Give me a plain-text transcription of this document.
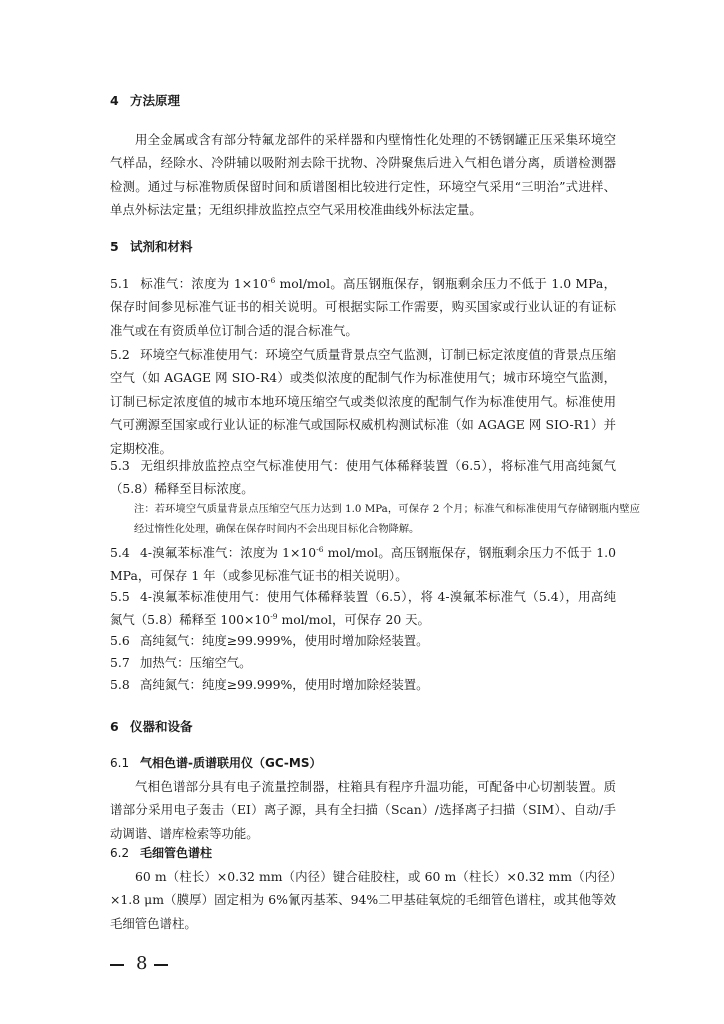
4 方法原理
用全金属或含有部分特氟龙部件的采样器和内壁惰性化处理的不锈钢罐正压采集环境空气样品，经除水、冷阱辅以吸附剂去除干扰物、冷阱聚焦后进入气相色谱分离，质谱检测器检测。通过与标准物质保留时间和质谱图相比较进行定性，环境空气采用“三明治”式进样、单点外标法定量；无组织排放监控点空气采用校准曲线外标法定量。
5 试剂和材料
5.1 标准气：浓度为 $1\times 10^{-6}$ mol/mol。高压钢瓶保存，钢瓶剩余压力不低于 1.0 MPa，保存时间参见标准气证书的相关说明。可根据实际工作需要，购买国家或行业认证的有证标准气或在有资质单位订制合适的混合标准气。
5.2 环境空气标准使用气：环境空气质量背景点空气监测，订制已标定浓度值的背景点压缩空气（如 AGAGE 网 SIO-R4）或类似浓度的配制气作为标准使用气；城市环境空气监测，订制已标定浓度值的城市本地环境压缩空气或类似浓度的配制气作为标准使用气。标准使用气可溯源至国家或行业认证的标准气或国际权威机构测试标准（如 AGAGE 网 SIO-R1）并定期校准。
5.3 无组织排放监控点空气标准使用气：使用气体稀释装置（6.5），将标准气用高纯氮气（5.8）稀释至目标浓度。
注：若环境空气质量背景点压缩空气压力达到 1.0 MPa，可保存 2 个月；标准气和标准使用气存储钢瓶内壁应经过惰性化处理，确保在保存时间内不会出现目标化合物降解。
5.4 4-溴氟苯标准气：浓度为 $1\times 10^{-6}$ mol/mol。高压钢瓶保存，钢瓶剩余压力不低于 1.0 MPa，可保存 1 年（或参见标准气证书的相关说明）。
5.5 4-溴氟苯标准使用气：使用气体稀释装置（6.5），将 4-溴氟苯标准气（5.4），用高纯氮气（5.8）稀释至 $100\times 10^{-9}$ mol/mol，可保存 20 天。
5.6 高纯氦气：纯度≥99.999%，使用时增加除烃装置。
5.7 加热气：压缩空气。
5.8 高纯氮气：纯度≥99.999%，使用时增加除烃装置。
6 仪器和设备
6.1 气相色谱-质谱联用仪（GC-MS）
气相色谱部分具有电子流量控制器，柱箱具有程序升温功能，可配备中心切割装置。质谱部分采用电子轰击（EI）离子源，具有全扫描（Scan）/选择离子扫描（SIM）、自动/手动调谐、谱库检索等功能。
6.2 毛细管色谱柱
60 m（柱长）×0.32 mm（内径）键合硅胶柱，或 60 m（柱长）×0.32 mm（内径）×1.8 μm（膜厚）固定相为 6%氰丙基苯、94%二甲基硅氧烷的毛细管色谱柱，或其他等效毛细管色谱柱。
8
